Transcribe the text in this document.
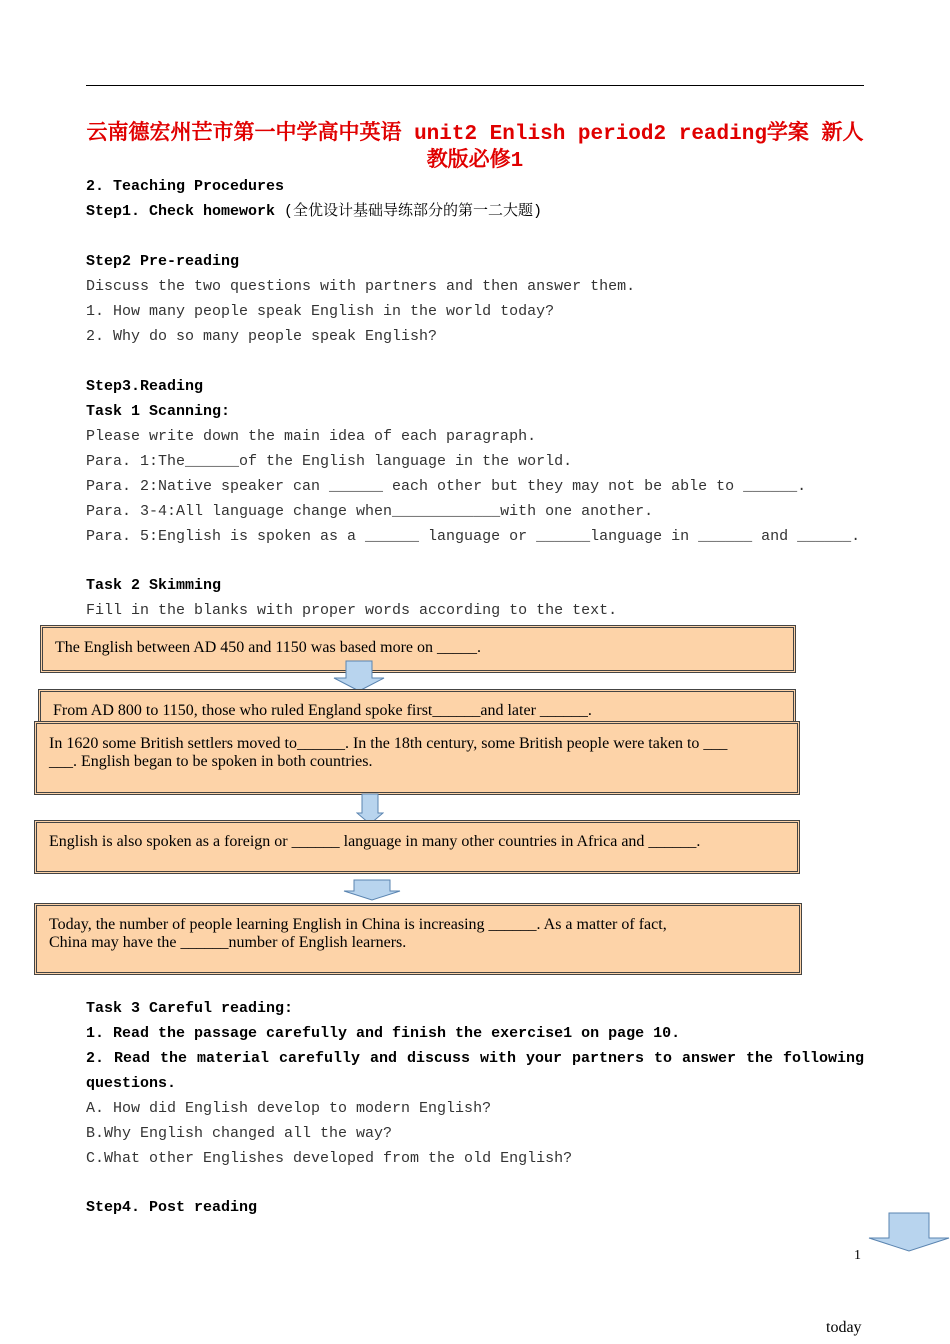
云南德宏州芒市第一中学高中英语 unit2 Enlish period2 reading学案 新人
教版必修1
2. Teaching Procedures
Step1. Check homework (全优设计基础导练部分的第一二大题)
Step2 Pre-reading
Discuss the two questions with partners and then answer them.
1. How many people speak English in the world today?
2. Why do so many people speak English?
Step3.Reading
Task 1 Scanning:
Please write down the main idea of each paragraph.
Para. 1:The______of the English language in the world.
Para. 2:Native speaker can ______ each other but they may not be able to ______.
Para. 3-4:All language change when____________with one another.
Para. 5:English is spoken as a ______ language or ______language in ______ and ______.
Task 2 Skimming
Fill in the blanks with proper words according to the text.
The English between AD 450 and 1150 was based more on _____.
From AD 800 to 1150, those who ruled England spoke first______and later ______.
In 1620 some British settlers moved to______. In the 18th century, some British people were taken to ___
___. English began to be spoken in both countries.
English is also spoken as a foreign or ______ language in many other countries in Africa and ______.
Today, the number of people learning English in China is increasing ______. As a matter of fact,
China may have the ______number of English learners.
Task 3 Careful reading:
1. Read the passage carefully and finish the exercise1 on page 10.
2. Read the material carefully and discuss with your partners to answer the following
questions.
A. How did English develop to modern English?
B.Why English changed all the way?
C.What other Englishes developed from the old English?
Step4. Post reading
1
today
